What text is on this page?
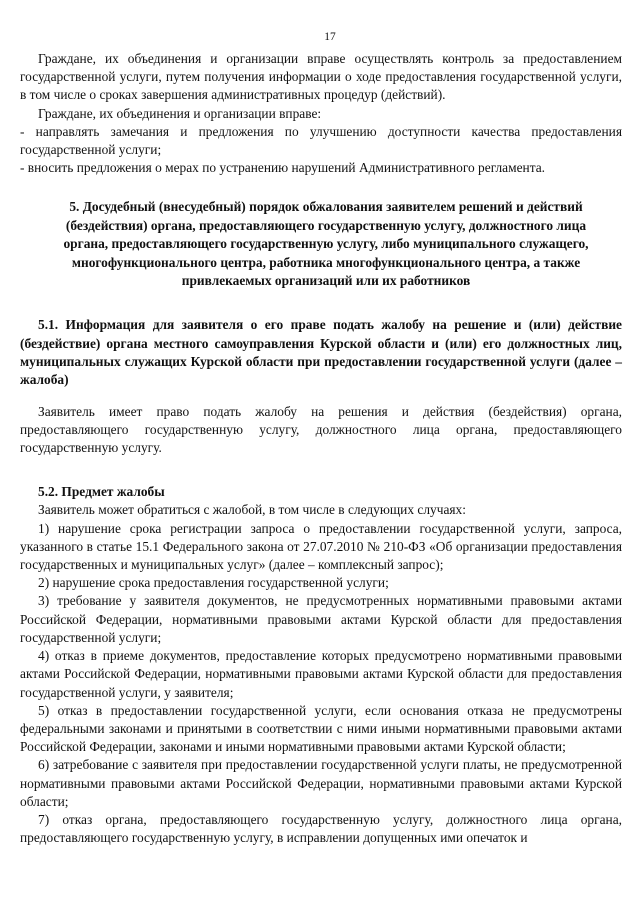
17

Граждане, их объединения и организации вправе осуществлять контроль за предоставлением государственной услуги, путем получения информации о ходе предоставления государственной услуги, в том числе о сроках завершения административных процедур (действий).

Граждане, их объединения и организации вправе:

- направлять замечания и предложения по улучшению доступности качества предоставления государственной услуги;

- вносить предложения о мерах по устранению нарушений Административного регламента.

5. Досудебный (внесудебный) порядок обжалования заявителем решений и действий (бездействия) органа, предоставляющего государственную услугу, должностного лица органа, предоставляющего государственную услугу, либо муниципального служащего, многофункционального центра, работника многофункционального центра, а также привлекаемых организаций или их работников

5.1. Информация для заявителя о его праве подать жалобу на решение и (или) действие (бездействие) органа местного самоуправления Курской области и (или) его должностных лиц, муниципальных служащих Курской области при предоставлении государственной услуги (далее – жалоба)

Заявитель имеет право подать жалобу на решения и действия (бездействия) органа, предоставляющего государственную услугу, должностного лица органа, предоставляющего государственную услугу.

5.2. Предмет жалобы

Заявитель может обратиться с жалобой, в том числе в следующих случаях:

1) нарушение срока регистрации запроса о предоставлении государственной услуги, запроса, указанного в статье 15.1 Федерального закона от 27.07.2010 № 210-ФЗ «Об организации предоставления государственных и муниципальных услуг» (далее – комплексный запрос);

2) нарушение срока предоставления государственной услуги;

3) требование у заявителя документов, не предусмотренных нормативными правовыми актами Российской Федерации, нормативными правовыми актами Курской области для предоставления государственной услуги;

4) отказ в приеме документов, предоставление которых предусмотрено нормативными правовыми актами Российской Федерации, нормативными правовыми актами Курской области для предоставления государственной услуги, у заявителя;

5) отказ в предоставлении государственной услуги, если основания отказа не предусмотрены федеральными законами и принятыми в соответствии с ними иными нормативными правовыми актами Российской Федерации, законами и иными нормативными правовыми актами Курской области;

6) затребование с заявителя при предоставлении государственной услуги платы, не предусмотренной нормативными правовыми актами Российской Федерации, нормативными правовыми актами Курской области;

7) отказ органа, предоставляющего государственную услугу, должностного лица органа, предоставляющего государственную услугу, в исправлении допущенных ими опечаток и
